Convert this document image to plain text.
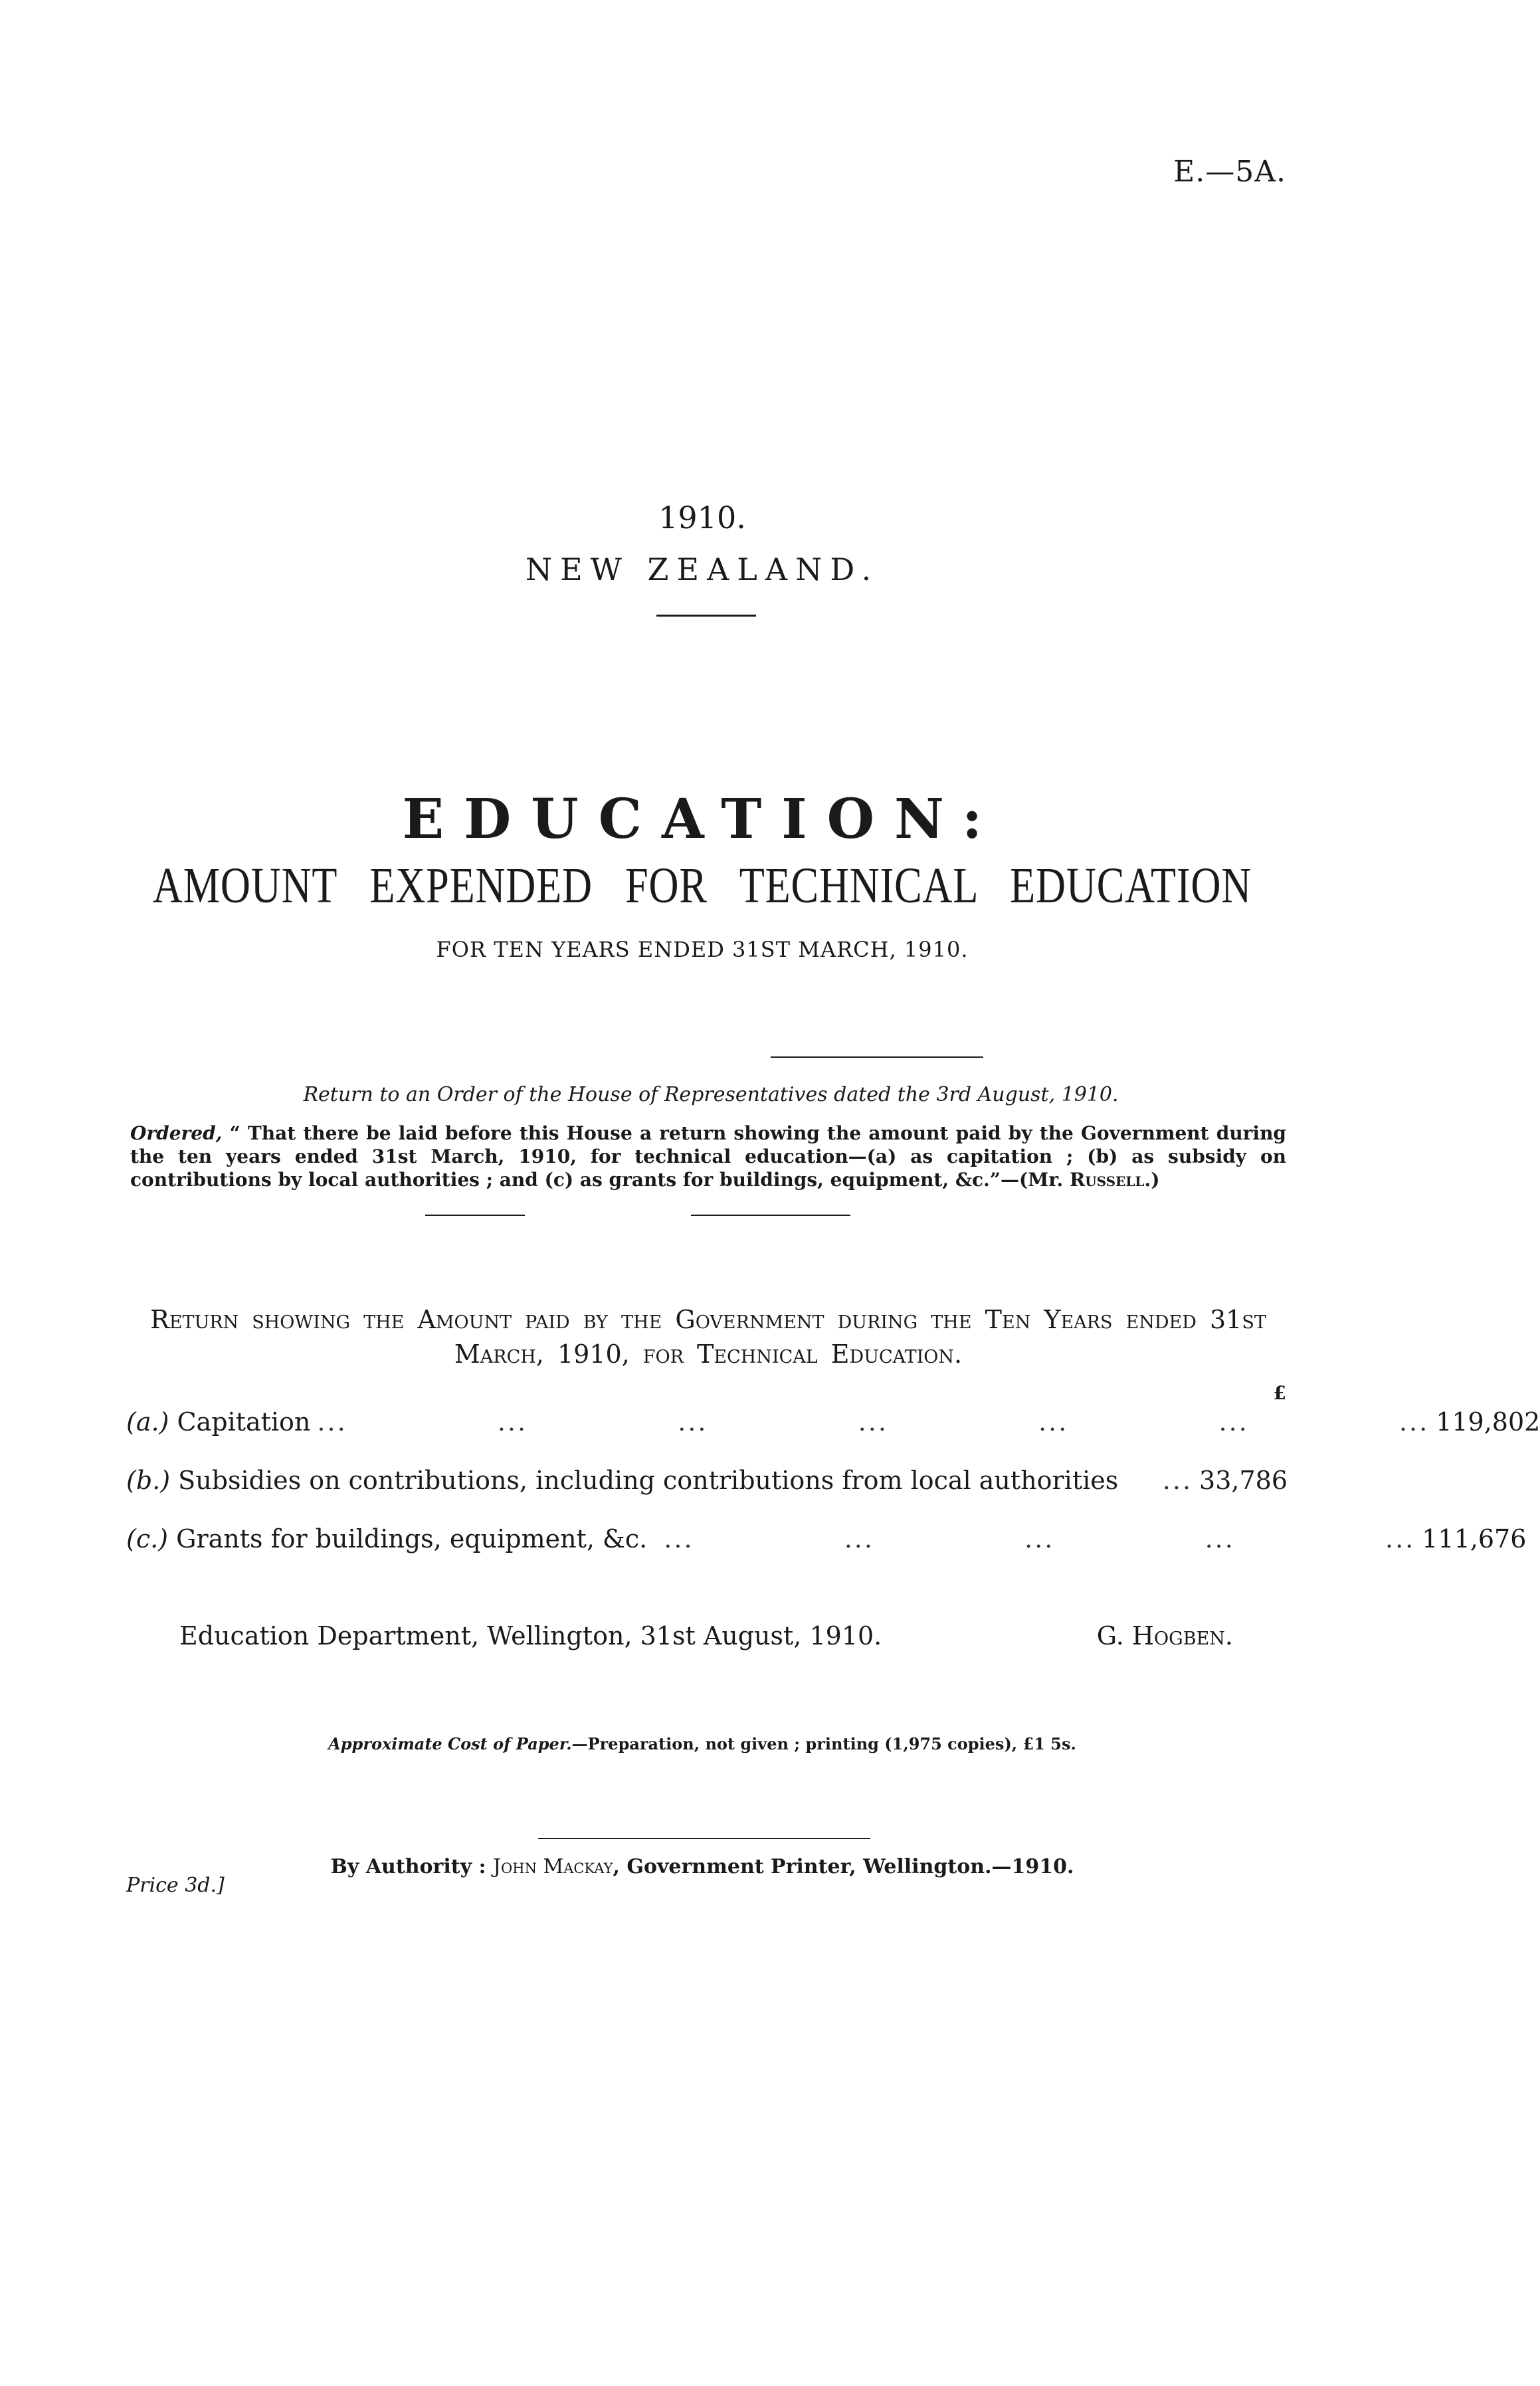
E.—5A.
1910.
NEW ZEALAND.
EDUCATION:
AMOUNT EXPENDED FOR TECHNICAL EDUCATION
FOR TEN YEARS ENDED 31ST MARCH, 1910.
Return to an Order of the House of Representatives dated the 3rd August, 1910.
Ordered, “ That there be laid before this House a return showing the amount paid by the Government during the ten years ended 31st March, 1910, for technical education—(a) as capitation ; (b) as subsidy on contributions by local authorities ; and (c) as grants for buildings, equipment, &c.”—(Mr. Russell.)
Return showing the Amount paid by the Government during the Ten Years ended 31st
March, 1910, for Technical Education.
£
(a.) Capitation ...               ...               ...               ...               ...               ...               ... 119,802
(b.) Subsidies on contributions, including contributions from local authorities	... 33,786
(c.) Grants for buildings, equipment, &c. ...               ...               ...               ...               ... 111,676
Education Department, Wellington, 31st August, 1910.	G. Hogben.
Approximate Cost of Paper.—Preparation, not given ; printing (1,975 copies), £1 5s.
By Authority : John Mackay, Government Printer, Wellington.—1910.
Price 3d.]
